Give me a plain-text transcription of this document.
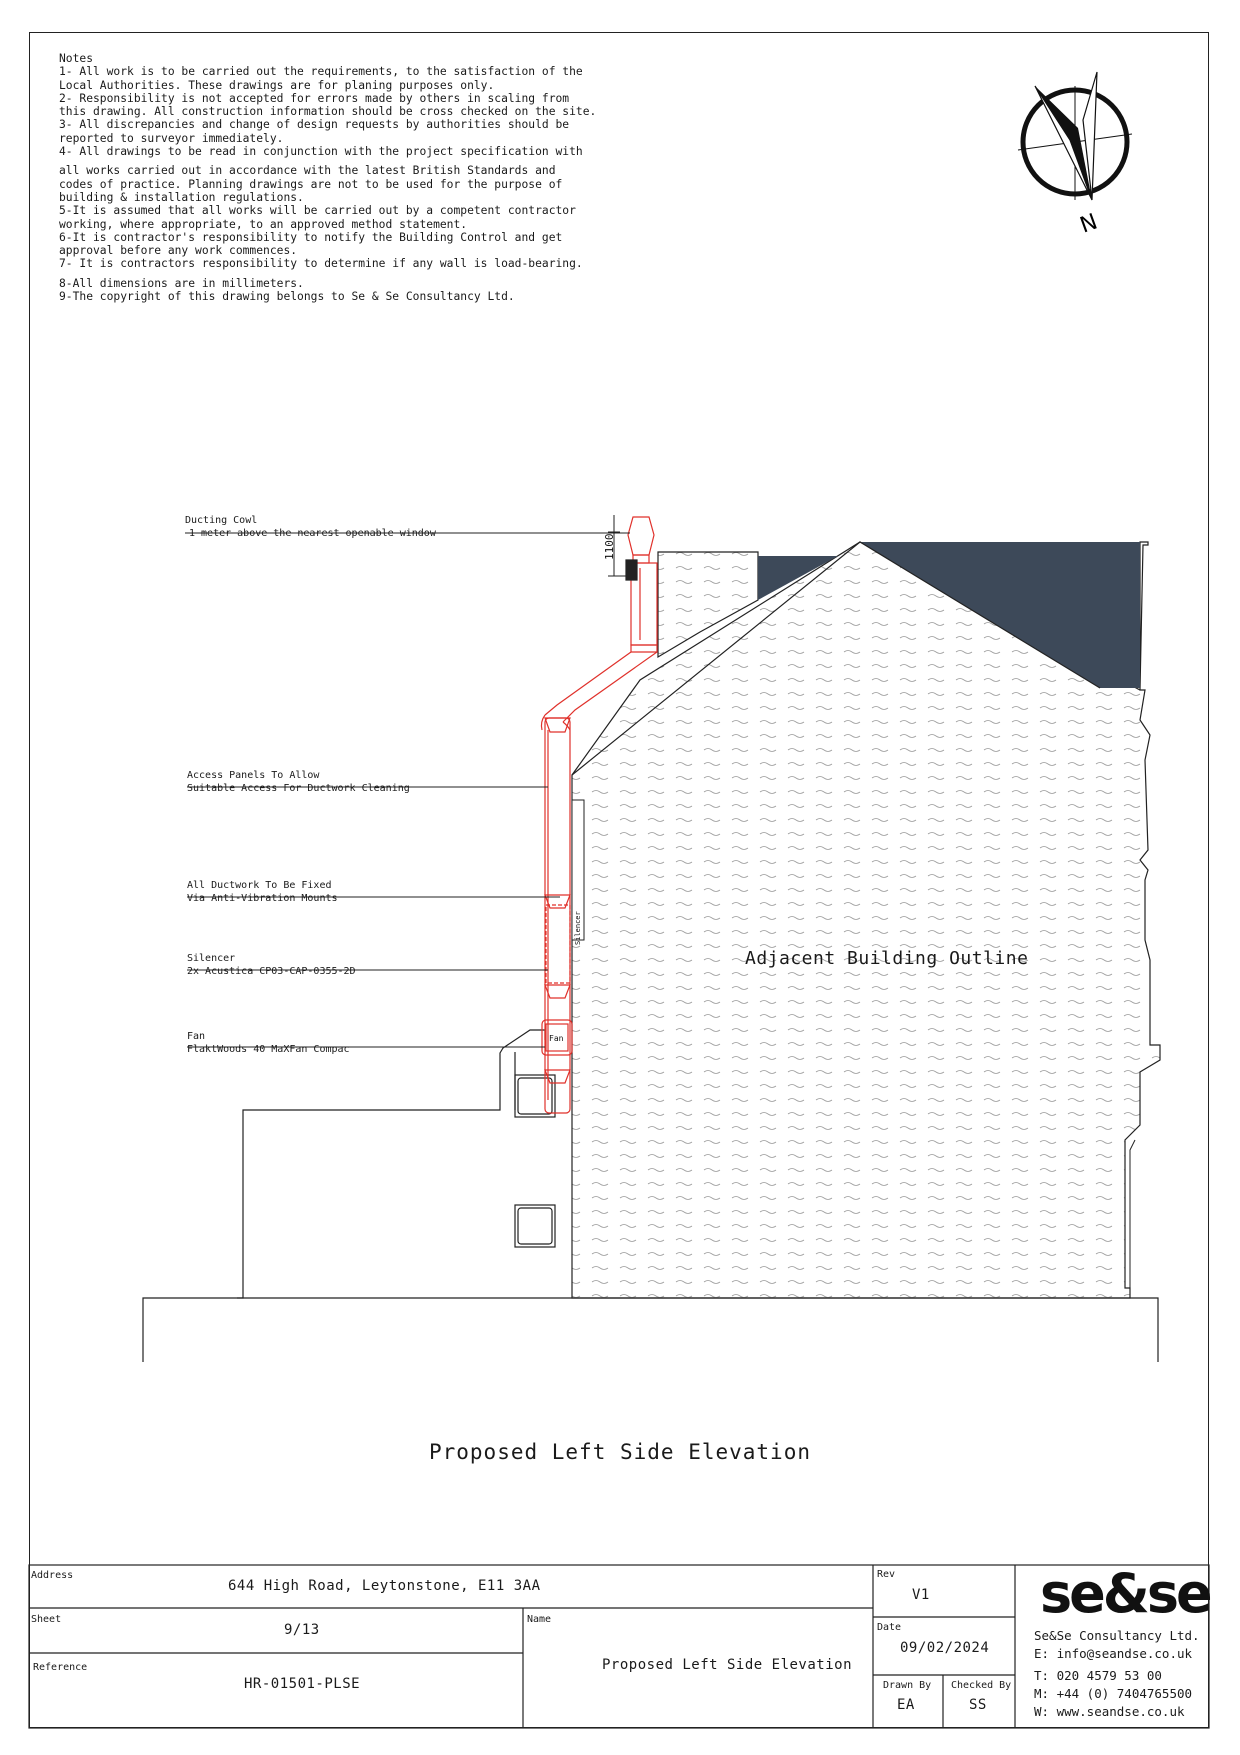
Notes

1- All work is to be carried out the requirements, to the satisfaction of the

Local Authorities. These drawings are for planing purposes only.

2- Responsibility is not accepted for errors made by others in scaling from

this drawing. All construction information should be cross checked on the site.

3- All discrepancies and change of design requests by authorities should be

reported to surveyor immediately.

4- All drawings to be read in conjunction with the project specification with

all works carried out in accordance with the latest British Standards and

codes of practice. Planning drawings are not to be used for the purpose of

building & installation regulations.

5-It is assumed that all works will be carried out by a competent contractor

working, where appropriate, to an approved method statement.

6-It is contractor's responsibility to notify the Building Control and get

approval before any work commences.

7- It is contractors responsibility to determine if any wall is load-bearing.

8-All dimensions are in millimeters.

9-The copyright of this drawing belongs to Se & Se Consultancy Ltd.

N
Silencer
Fan
1100
Ducting Cowl
1 meter above the nearest openable window
Access Panels To Allow
Suitable Access For Ductwork Cleaning
All Ductwork To Be Fixed
Via Anti-Vibration Mounts
Silencer
2x Acustica CP03-CAP-0355-2D
Fan
FlaktWoods 40 MaXFan Compac
Adjacent Building Outline
Proposed Left Side Elevation
Address
644 High Road, Leytonstone, E11 3AA
Sheet
9/13
Reference
HR-01501-PLSE
Name
Proposed Left Side Elevation
Rev
V1
Date
09/02/2024
Drawn By
EA
Checked By
SS
se&se
Se&Se Consultancy Ltd.
E: info@seandse.co.uk
T: 020 4579 53 00
M: +44 (0) 7404765500
W: www.seandse.co.uk
